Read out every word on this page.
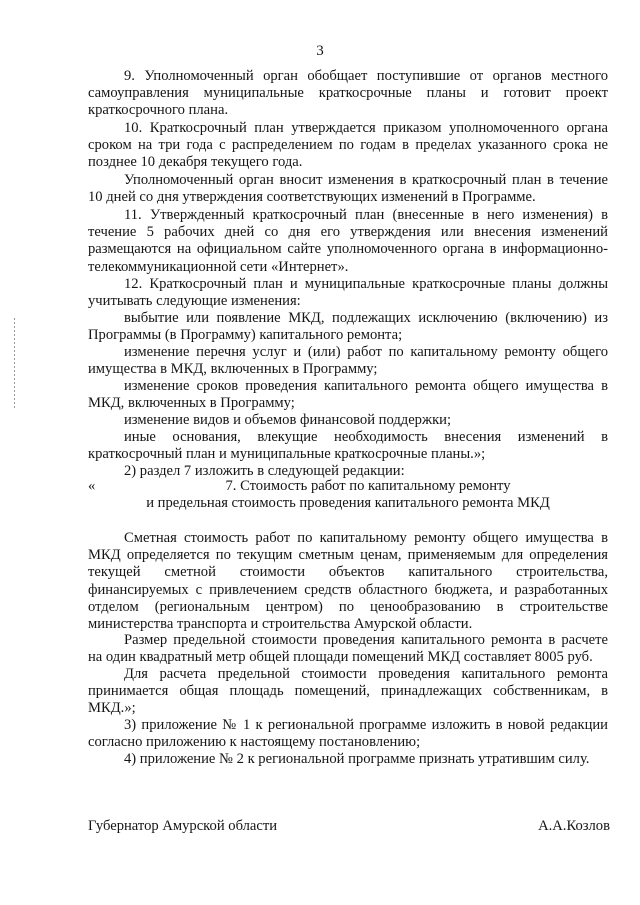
3

9. Уполномоченный орган обобщает поступившие от органов местного самоуправления муниципальные краткосрочные планы и готовит проект краткосрочного плана.

10. Краткосрочный план утверждается приказом уполномоченного органа сроком на три года с распределением по годам в пределах указанного срока не позднее 10 декабря текущего года.

Уполномоченный орган вносит изменения в краткосрочный план в течение 10 дней со дня утверждения соответствующих изменений в Программе.

11. Утвержденный краткосрочный план (внесенные в него изменения) в течение 5 рабочих дней со дня его утверждения или внесения изменений размещаются на официальном сайте уполномоченного органа в информационно-телекоммуникационной сети «Интернет».

12. Краткосрочный план и муниципальные краткосрочные планы должны учитывать следующие изменения:

выбытие или появление МКД, подлежащих исключению (включению) из Программы (в Программу) капитального ремонта;

изменение перечня услуг и (или) работ по капитальному ремонту общего имущества в МКД, включенных в Программу;

изменение сроков проведения капитального ремонта общего имущества в МКД, включенных в Программу;

изменение видов и объемов финансовой поддержки;

иные основания, влекущие необходимость внесения изменений в краткосрочный план и муниципальные краткосрочные планы.»;

2) раздел 7 изложить в следующей редакции:

«	7. Стоимость работ по капитальному ремонту

и предельная стоимость проведения капитального ремонта МКД

Сметная стоимость работ по капитальному ремонту общего имущества в МКД определяется по текущим сметным ценам, применяемым для определения текущей сметной стоимости объектов капитального строительства, финансируемых с привлечением средств областного бюджета, и разработанных отделом (региональным центром) по ценообразованию в строительстве министерства транспорта и строительства Амурской области.

Размер предельной стоимости проведения капитального ремонта в расчете на один квадратный метр общей площади помещений МКД составляет 8005 руб.

Для расчета предельной стоимости проведения капитального ремонта принимается общая площадь помещений, принадлежащих собственникам, в МКД.»;

3) приложение № 1 к региональной программе изложить в новой редакции согласно приложению к настоящему постановлению;

4) приложение № 2 к региональной программе признать утратившим силу.

Губернатор Амурской области	А.А.Козлов
